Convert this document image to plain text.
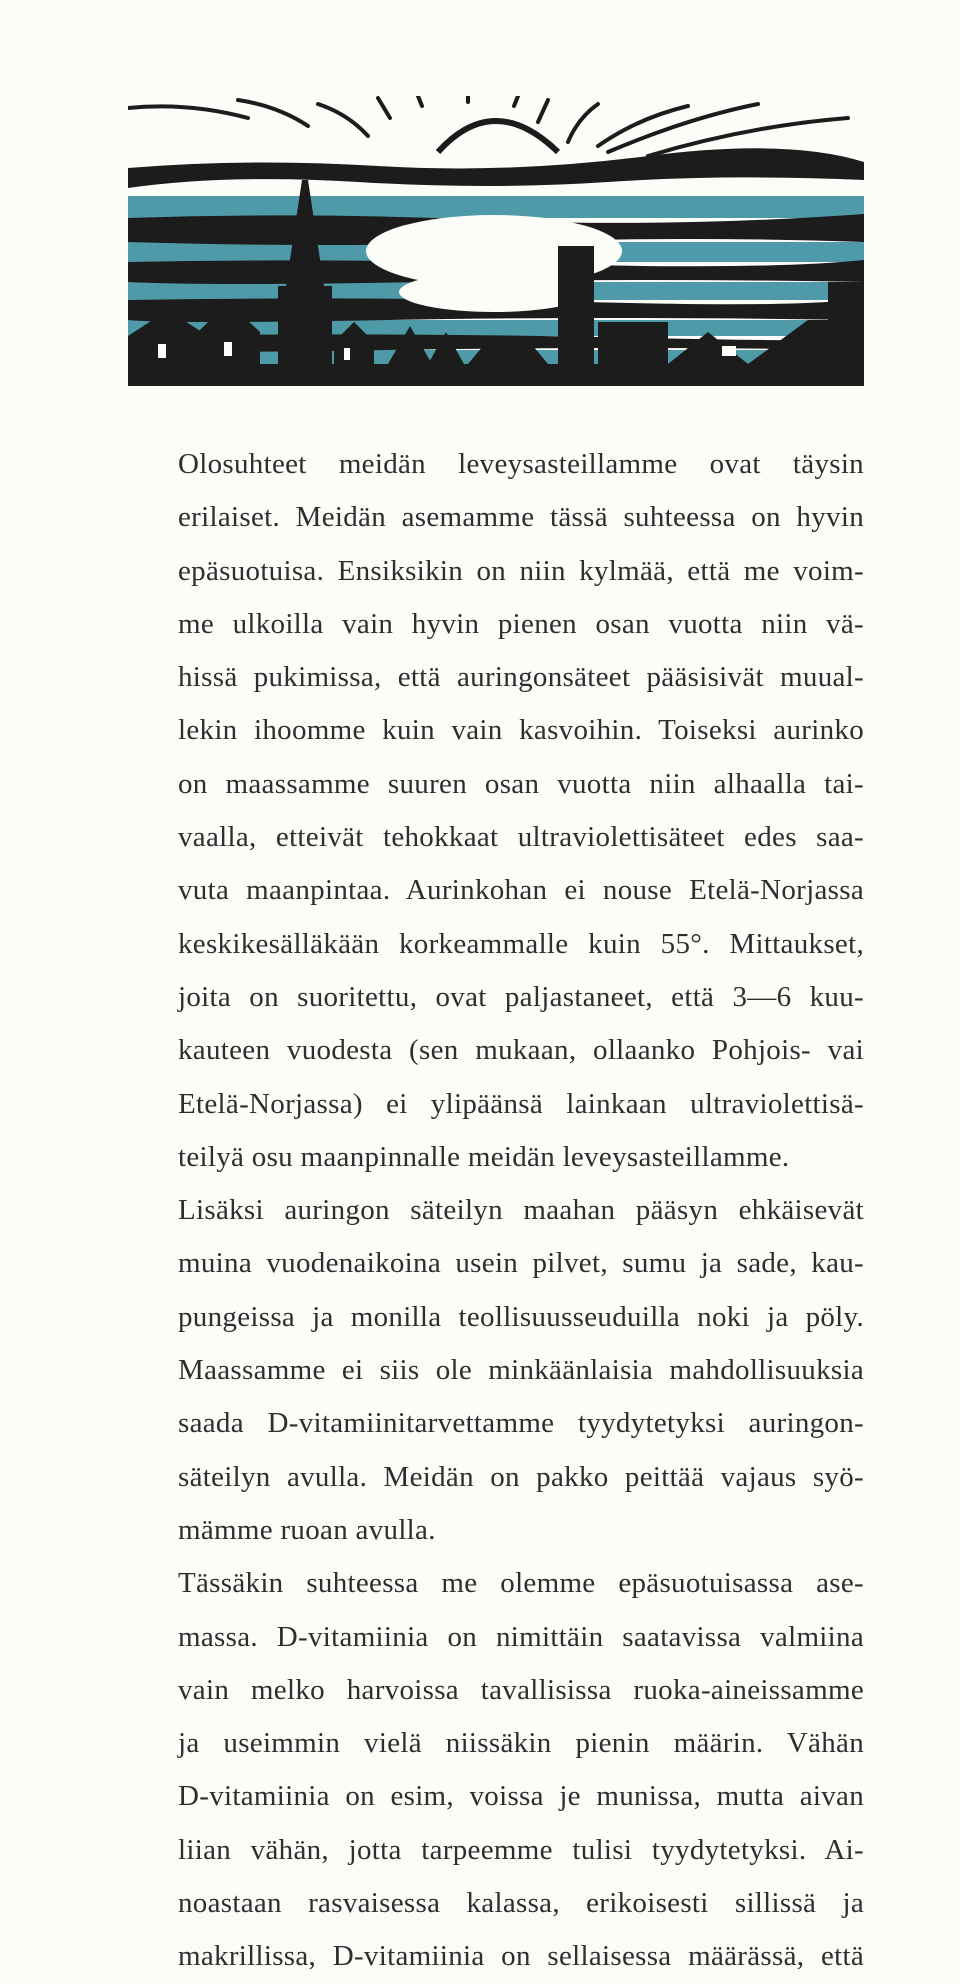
Olosuhteet meidän leveysasteillamme ovat täysin
erilaiset. Meidän asemamme tässä suhteessa on hyvin
epäsuotuisa. Ensiksikin on niin kylmää, että me voim-
me ulkoilla vain hyvin pienen osan vuotta niin vä-
hissä pukimissa, että auringonsäteet pääsisivät muual-
lekin ihoomme kuin vain kasvoihin. Toiseksi aurinko
on maassamme suuren osan vuotta niin alhaalla tai-
vaalla, etteivät tehokkaat ultraviolettisäteet edes saa-
vuta maanpintaa. Aurinkohan ei nouse Etelä-Norjassa
keskikesälläkään korkeammalle kuin 55°. Mittaukset,
joita on suoritettu, ovat paljastaneet, että 3—6 kuu-
kauteen vuodesta (sen mukaan, ollaanko Pohjois- vai
Etelä-Norjassa) ei ylipäänsä lainkaan ultraviolettisä-
teilyä osu maanpinnalle meidän leveysasteillamme.
Lisäksi auringon säteilyn maahan pääsyn ehkäisevät
muina vuodenaikoina usein pilvet, sumu ja sade, kau-
pungeissa ja monilla teollisuusseuduilla noki ja pöly.
Maassamme ei siis ole minkäänlaisia mahdollisuuksia
saada D-vitamiinitarvettamme tyydytetyksi auringon-
säteilyn avulla. Meidän on pakko peittää vajaus syö-
mämme ruoan avulla.

Tässäkin suhteessa me olemme epäsuotuisassa ase-
massa. D-vitamiinia on nimittäin saatavissa valmiina
vain melko harvoissa tavallisissa ruoka-aineissamme
ja useimmin vielä niissäkin pienin määrin. Vähän
D-vitamiinia on esim, voissa je munissa, mutta aivan
liian vähän, jotta tarpeemme tulisi tyydytetyksi. Ai-
noastaan rasvaisessa kalassa, erikoisesti sillissä ja
makrillissa, D-vitamiinia on sellaisessa määrässä, että
